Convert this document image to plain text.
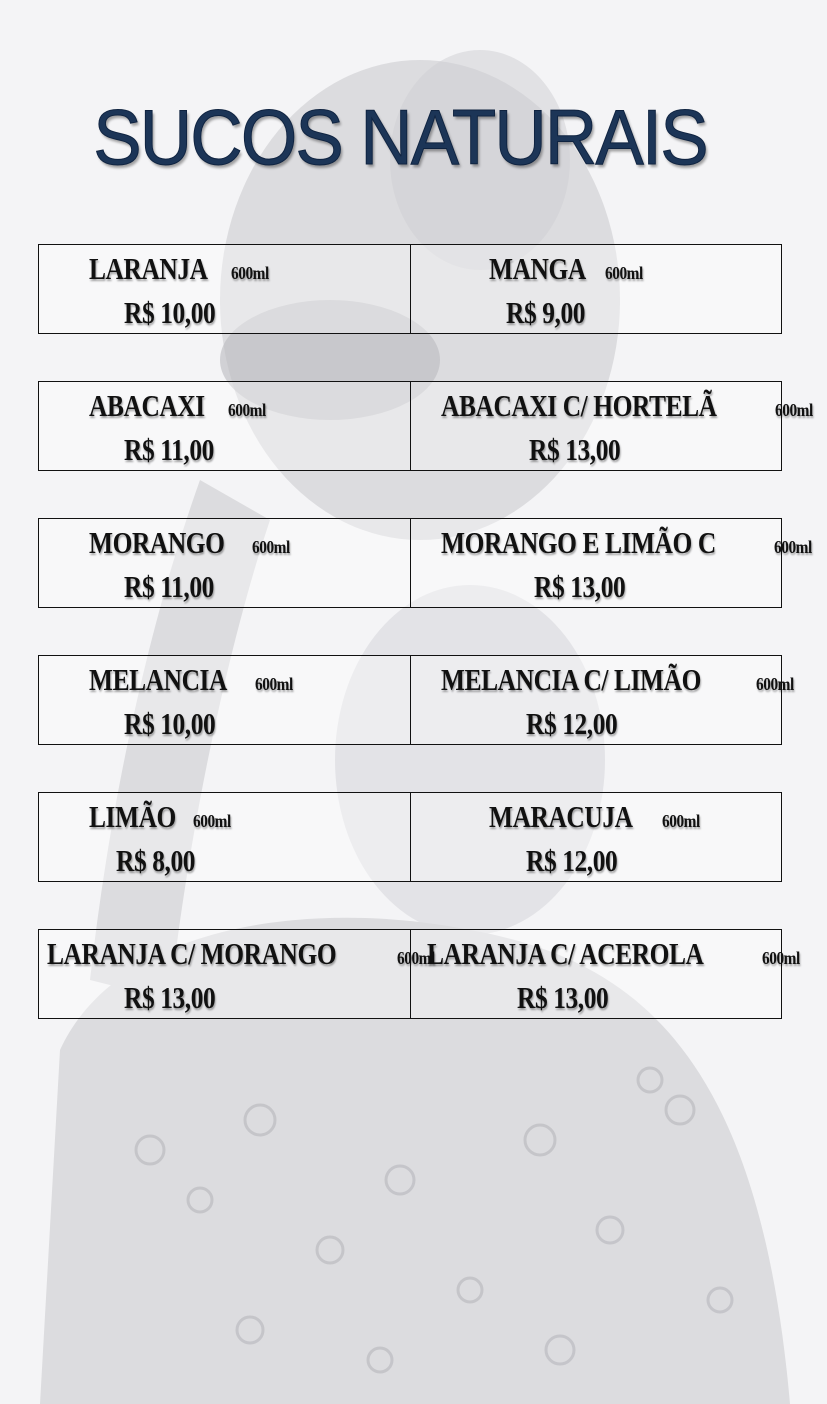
SUCOS NATURAIS
LARANJA 600ml
R$ 10,00
MANGA 600ml
R$ 9,00
ABACAXI 600ml
R$ 11,00
ABACAXI C/ HORTELÃ	600ml
R$ 13,00
MORANGO 600ml
R$ 11,00
MORANGO E LIMÃO C	600ml
R$ 13,00
MELANCIA 600ml
R$ 10,00
MELANCIA C/ LIMÃO	600ml
R$ 12,00
LIMÃO 600ml
R$ 8,00
MARACUJA 600ml
R$ 12,00
LARANJA C/ MORANGO	600ml
R$ 13,00
LARANJA C/ ACEROLA	600ml
R$ 13,00
